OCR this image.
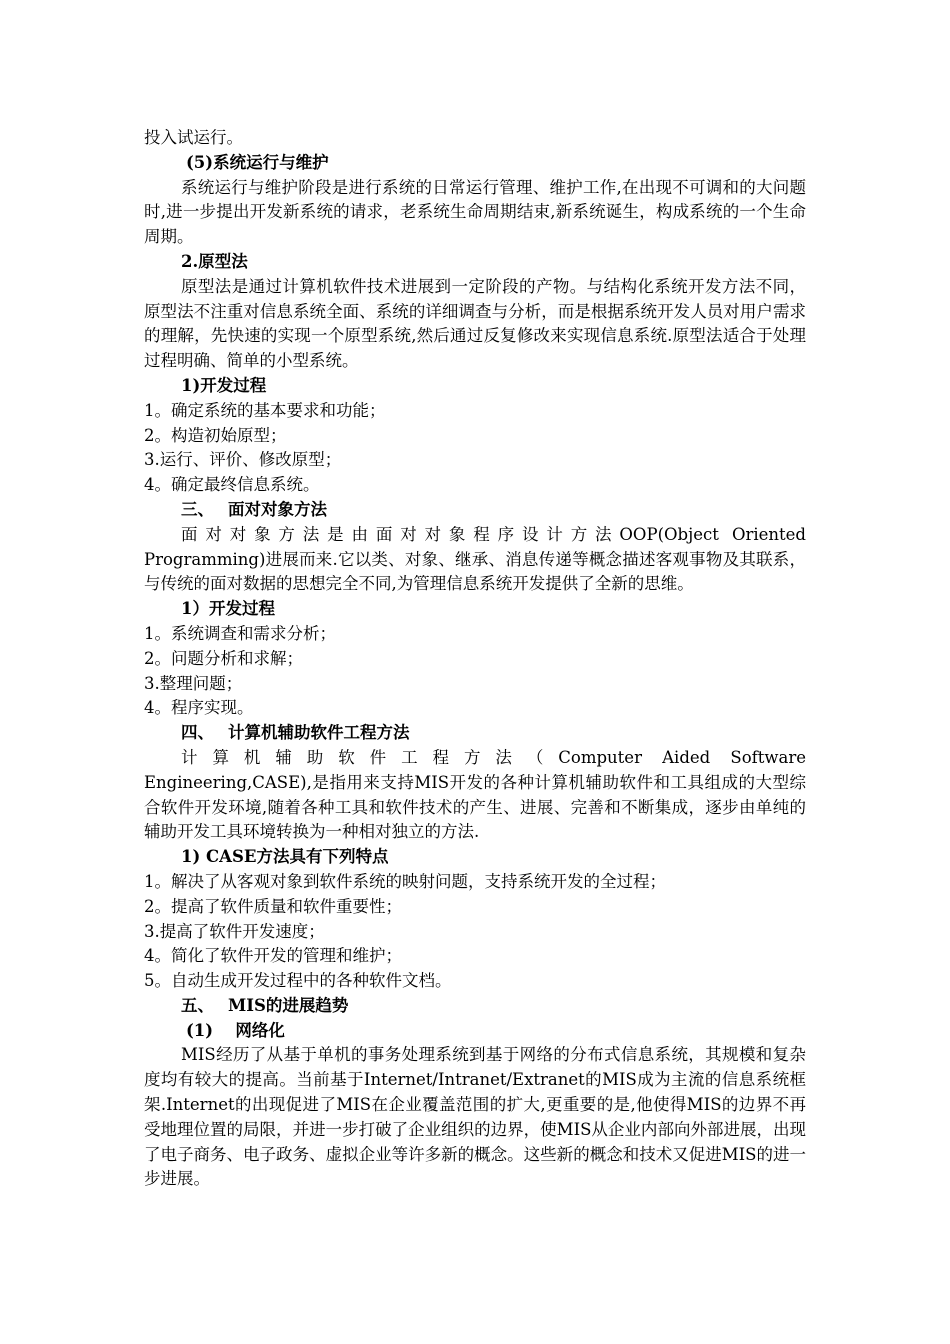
投入试运行。

(5)系统运行与维护

系统运行与维护阶段是进行系统的日常运行管理、维护工作,在出现不可调和的大问题时,进一步提出开发新系统的请求，老系统生命周期结束,新系统诞生，构成系统的一个生命周期。

2.原型法

原型法是通过计算机软件技术进展到一定阶段的产物。与结构化系统开发方法不同，原型法不注重对信息系统全面、系统的详细调查与分析，而是根据系统开发人员对用户需求的理解，先快速的实现一个原型系统,然后通过反复修改来实现信息系统.原型法适合于处理过程明确、简单的小型系统。

1)开发过程

1。确定系统的基本要求和功能；

2。构造初始原型；

3.运行、评价、修改原型；

4。确定最终信息系统。

三、　 面对对象方法

面对对象方法是由面对对象程序设计方法OOP(Object Oriented

Programming)进展而来.它以类、对象、继承、消息传递等概念描述客观事物及其联系，与传统的面对数据的思想完全不同,为管理信息系统开发提供了全新的思维。

1）开发过程

1。系统调查和需求分析；

2。问题分析和求解；

3.整理问题；

4。程序实现。

四、　 计算机辅助软件工程方法

计算机辅助软件工程方法（Computer Aided Software

Engineering,CASE),是指用来支持MIS开发的各种计算机辅助软件和工具组成的大型综合软件开发环境,随着各种工具和软件技术的产生、进展、完善和不断集成，逐步由单纯的辅助开发工具环境转换为一种相对独立的方法.

1) CASE方法具有下列特点

1。解决了从客观对象到软件系统的映射问题，支持系统开发的全过程；

2。提高了软件质量和软件重要性；

3.提高了软件开发速度；

4。简化了软件开发的管理和维护；

5。自动生成开发过程中的各种软件文档。

五、　 MIS的进展趋势

(1)　 网络化

MIS经历了从基于单机的事务处理系统到基于网络的分布式信息系统，其规模和复杂度均有较大的提高。当前基于Internet/Intranet/Extranet的MIS成为主流的信息系统框架.Internet的出现促进了MIS在企业覆盖范围的扩大,更重要的是,他使得MIS的边界不再受地理位置的局限，并进一步打破了企业组织的边界，使MIS从企业内部向外部进展，出现了电子商务、电子政务、虚拟企业等许多新的概念。这些新的概念和技术又促进MIS的进一步进展。
